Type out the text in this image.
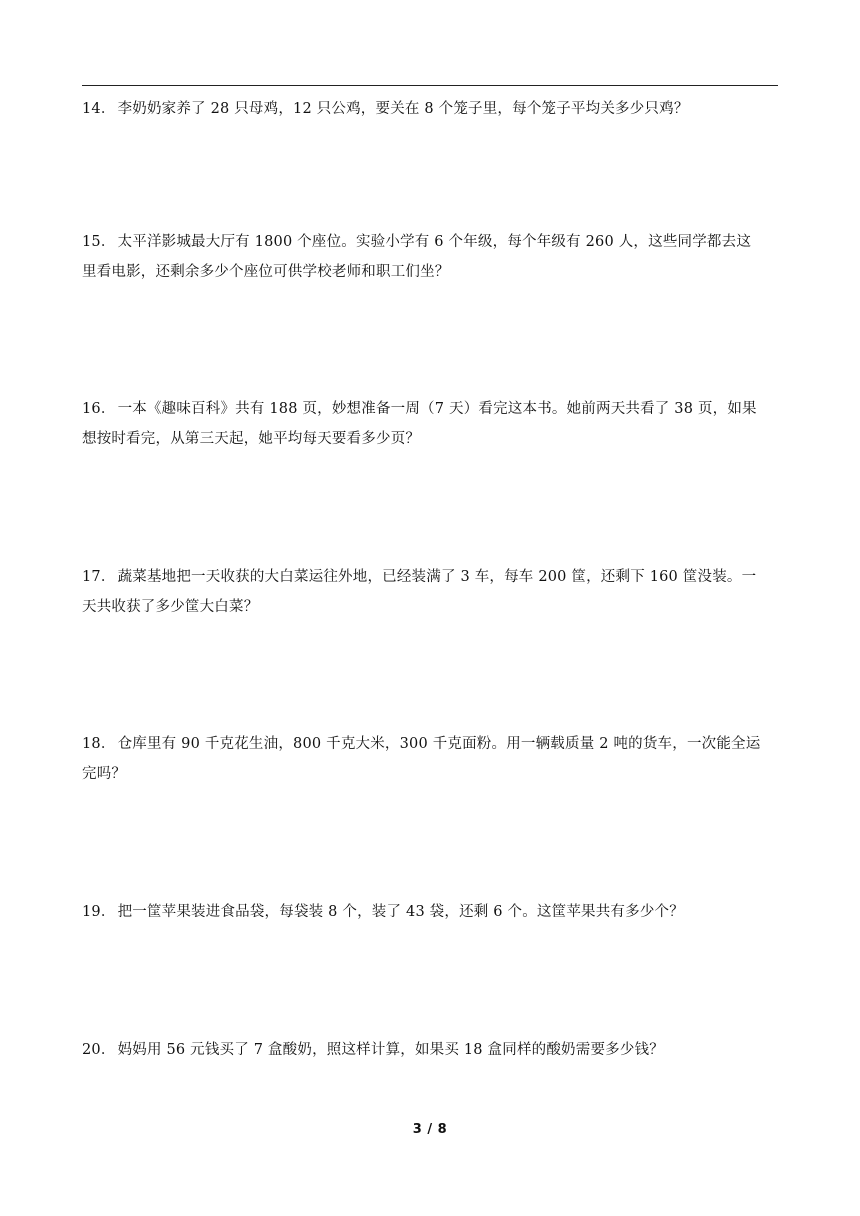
14． 李奶奶家养了 28 只母鸡，12 只公鸡，要关在 8 个笼子里，每个笼子平均关多少只鸡？
15． 太平洋影城最大厅有 1800 个座位。实验小学有 6 个年级，每个年级有 260 人，这些同学都去这
里看电影，还剩余多少个座位可供学校老师和职工们坐？
16． 一本《趣味百科》共有 188 页，妙想准备一周（7 天）看完这本书。她前两天共看了 38 页，如果
想按时看完，从第三天起，她平均每天要看多少页？
17． 蔬菜基地把一天收获的大白菜运往外地，已经装满了 3 车，每车 200 筐，还剩下 160 筐没装。一
天共收获了多少筐大白菜？
18． 仓库里有 90 千克花生油，800 千克大米，300 千克面粉。用一辆载质量 2 吨的货车，一次能全运
完吗？
19． 把一筐苹果装进食品袋，每袋装 8 个，装了 43 袋，还剩 6 个。这筐苹果共有多少个？
20． 妈妈用 56 元钱买了 7 盒酸奶，照这样计算，如果买 18 盒同样的酸奶需要多少钱？
3 / 8
